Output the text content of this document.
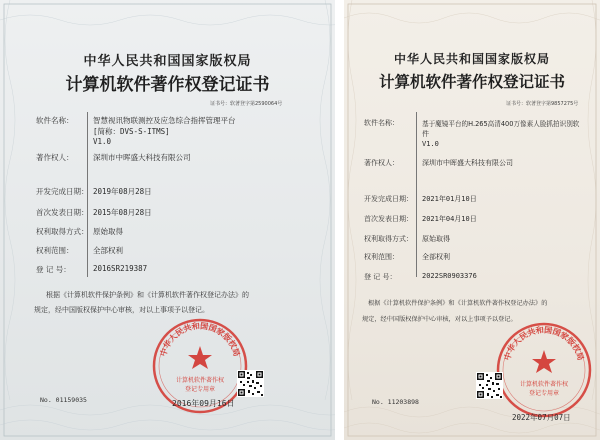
中华人民共和国国家版权局
计算机软件著作权登记证书
证书号：软著登字第2590064号
软件名称：	智慧视讯物联测控及应急综合指挥管理平台
[简称：DVS-S-ITMS]
V1.0
著作权人：	深圳市中晖盛大科技有限公司
开发完成日期： 2019年08月28日
首次发表日期： 2015年08月28日
权利取得方式： 原始取得
权利范围：	全部权利
登 记 号：	2016SR219387
根据《计算机软件保护条例》和《计算机软件著作权登记办法》的
规定，经中国版权保护中心审核，对以上事项予以登记。
中华人民共和国国家版权局
计算机软件著作权
登记专用章
No. 01159035	2016年09月16日
中华人民共和国国家版权局
计算机软件著作权登记证书
证书号：软著登字第9857275号
软件名称：	基于魔镜平台的H.265高清400万像素人脸抓拍识别软
件
V1.0
著作权人：	深圳市中晖盛大科技有限公司
开发完成日期： 2021年01月10日
首次发表日期： 2021年04月10日
权利取得方式： 原始取得
权利范围：	全部权利
登 记 号：	2022SR0903376
根据《计算机软件保护条例》和《计算机软件著作权登记办法》的
规定，经中国版权保护中心审核，对以上事项予以登记。
中华人民共和国国家版权局
计算机软件著作权
登记专用章
No. 11203898
2022年07月07日
